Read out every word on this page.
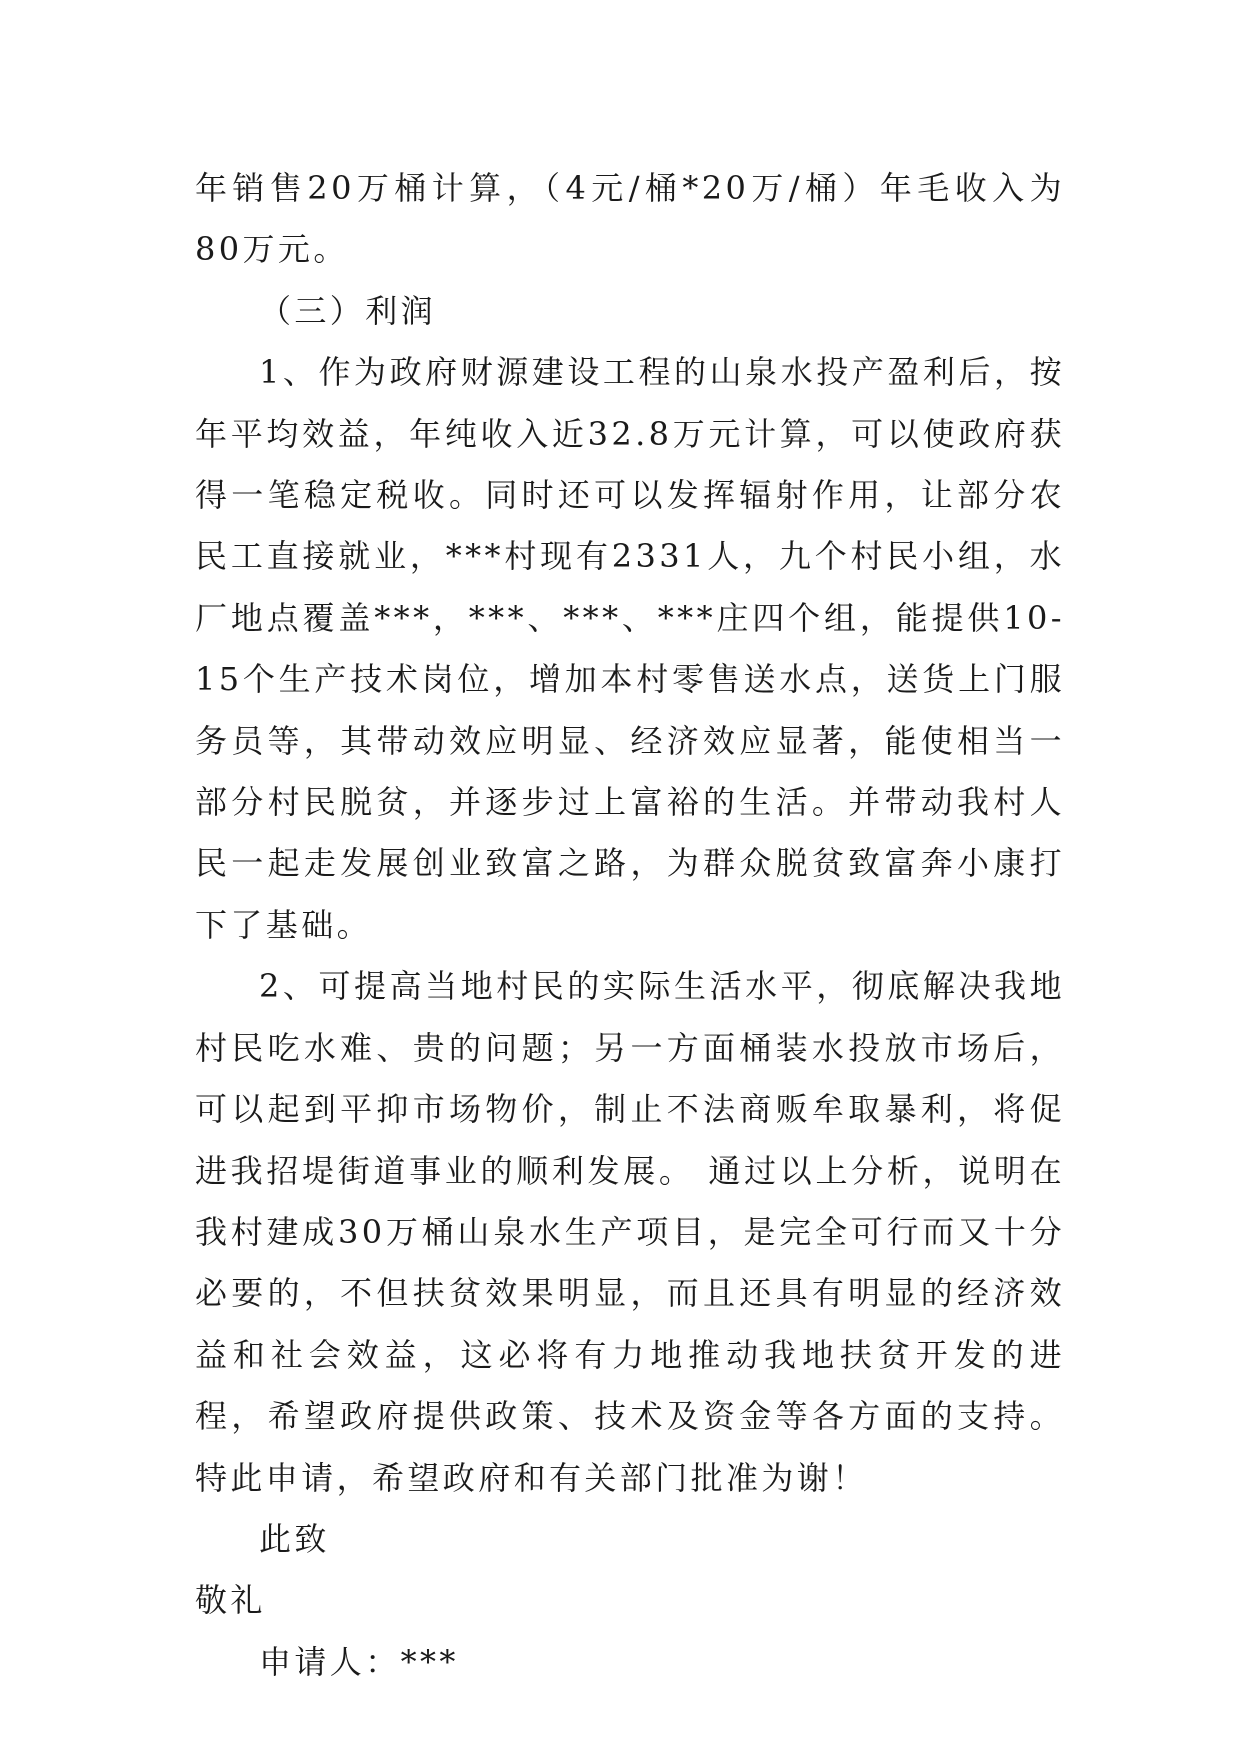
年销售20万桶计算，（4元/桶*20万/桶）年毛收入为80万元。

（三）利润

1、作为政府财源建设工程的山泉水投产盈利后，按年平均效益，年纯收入近32.8万元计算，可以使政府获得一笔稳定税收。同时还可以发挥辐射作用，让部分农民工直接就业，***村现有2331人，九个村民小组，水厂地点覆盖***，***、***、***庄四个组，能提供10-15个生产技术岗位，增加本村零售送水点，送货上门服务员等，其带动效应明显、经济效应显著，能使相当一部分村民脱贫，并逐步过上富裕的生活。并带动我村人民一起走发展创业致富之路，为群众脱贫致富奔小康打下了基础。

2、可提高当地村民的实际生活水平，彻底解决我地村民吃水难、贵的问题；另一方面桶装水投放市场后，可以起到平抑市场物价，制止不法商贩牟取暴利，将促进我招堤街道事业的顺利发展。 通过以上分析，说明在我村建成30万桶山泉水生产项目，是完全可行而又十分必要的，不但扶贫效果明显，而且还具有明显的经济效益和社会效益，这必将有力地推动我地扶贫开发的进程，希望政府提供政策、技术及资金等各方面的支持。特此申请，希望政府和有关部门批准为谢！

此致

敬礼

申请人：***
